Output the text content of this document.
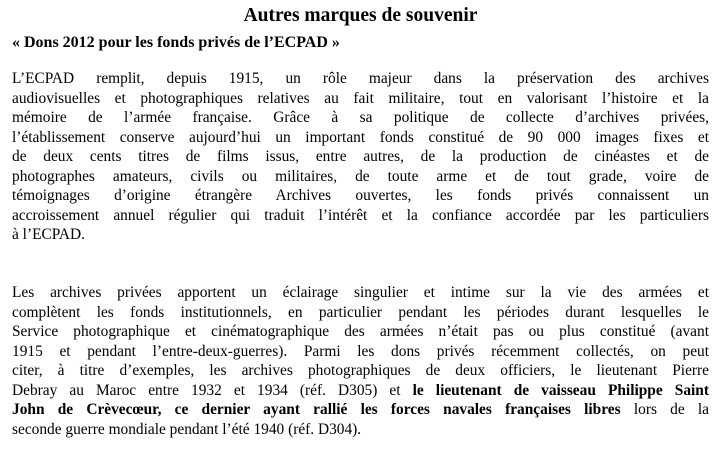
Autres marques de souvenir
« Dons 2012 pour les fonds privés de l’ECPAD »
L’ECPAD remplit, depuis 1915, un rôle majeur dans la préservation des archives
audiovisuelles et photographiques relatives au fait militaire, tout en valorisant l’histoire et la
mémoire de l’armée française. Grâce à sa politique de collecte d’archives privées,
l’établissement conserve aujourd’hui un important fonds constitué de 90 000 images fixes et
de deux cents titres de films issus, entre autres, de la production de cinéastes et de
photographes amateurs, civils ou militaires, de toute arme et de tout grade, voire de
témoignages d’origine étrangère Archives ouvertes, les fonds privés connaissent un
accroissement annuel régulier qui traduit l’intérêt et la confiance accordée par les particuliers
à l’ECPAD.
Les archives privées apportent un éclairage singulier et intime sur la vie des armées et
complètent les fonds institutionnels, en particulier pendant les périodes durant lesquelles le
Service photographique et cinématographique des armées n’était pas ou plus constitué (avant
1915 et pendant l’entre-deux-guerres). Parmi les dons privés récemment collectés, on peut
citer, à titre d’exemples, les archives photographiques de deux officiers, le lieutenant Pierre
Debray au Maroc entre 1932 et 1934 (réf. D305) et le lieutenant de vaisseau Philippe Saint
John de Crèvecœur, ce dernier ayant rallié les forces navales françaises libres lors de la
seconde guerre mondiale pendant l’été 1940 (réf. D304).
